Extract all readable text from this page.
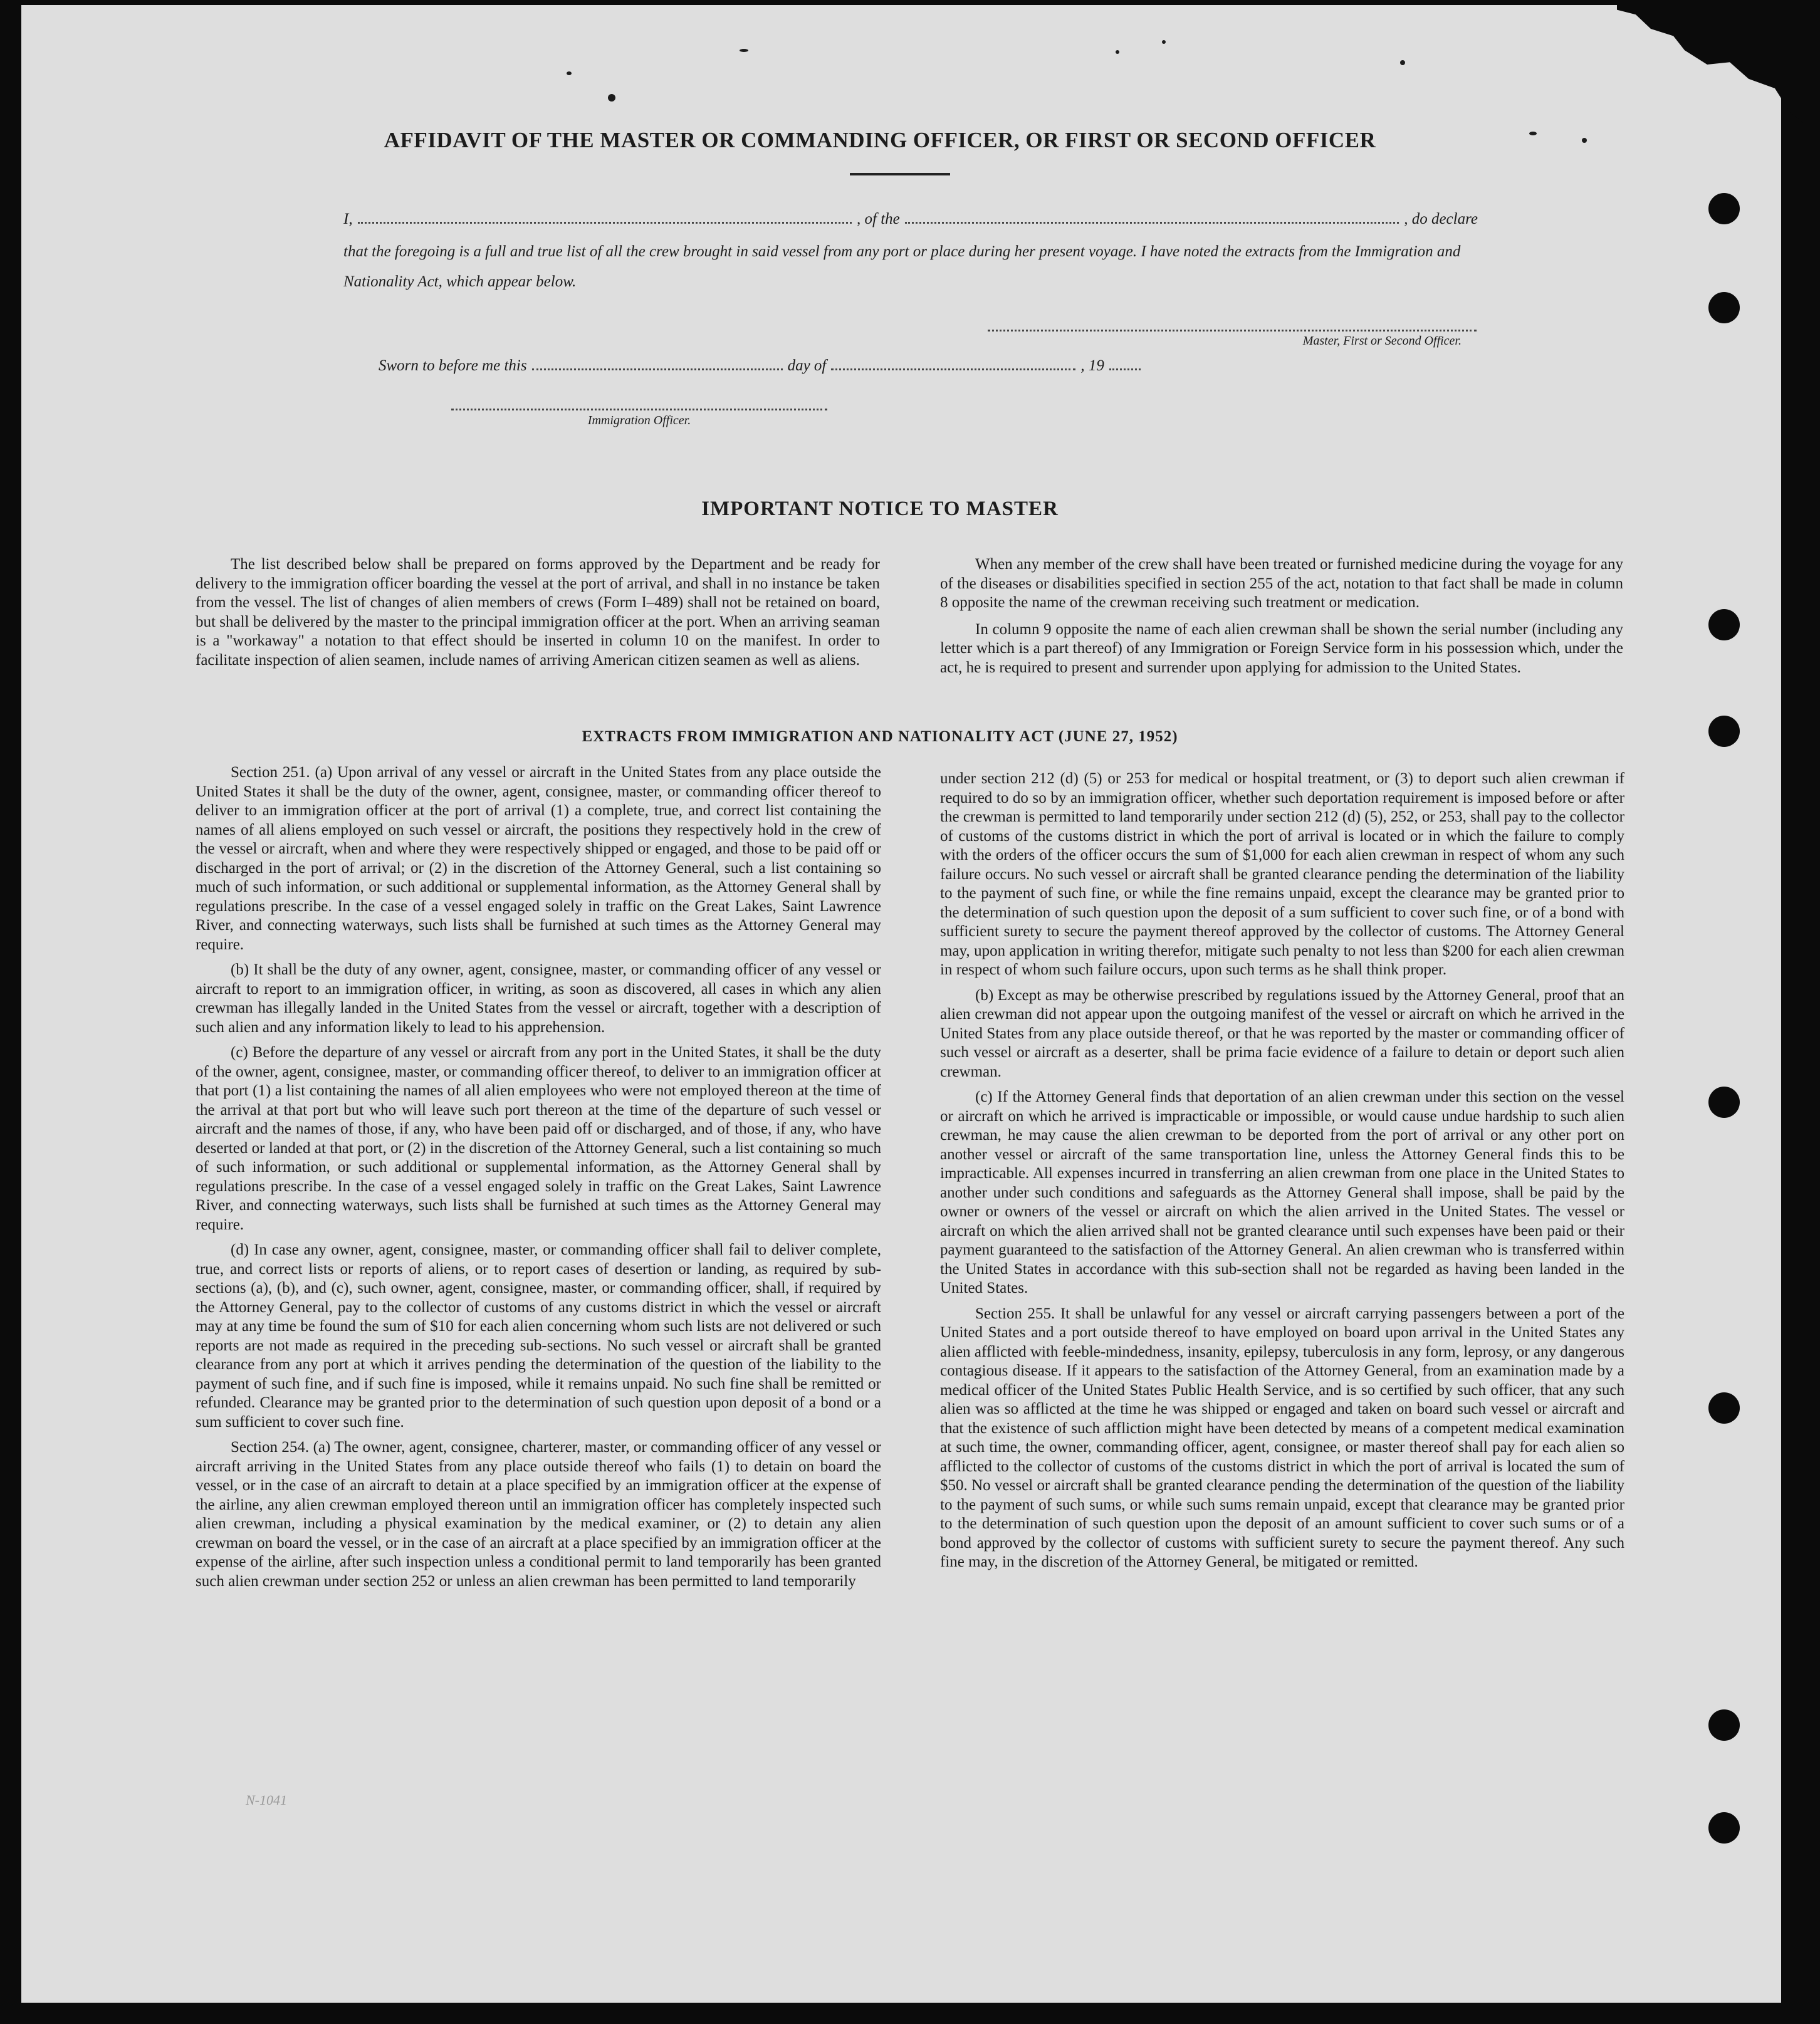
AFFIDAVIT OF THE MASTER OR COMMANDING OFFICER, OR FIRST OR SECOND OFFICER
I,	, of the	, do declare
that the foregoing is a full and true list of all the crew brought in said vessel from any port or place during her present voyage. I have noted the extracts from the Immigration and Nationality Act, which appear below.
Master, First or Second Officer.
Sworn to before me this	day of	, 19
Immigration Officer.
IMPORTANT NOTICE TO MASTER

The list described below shall be prepared on forms approved by the Department and be ready for delivery to the immigration officer boarding the vessel at the port of arrival, and shall in no instance be taken from the vessel. The list of changes of alien members of crews (Form I–489) shall not be retained on board, but shall be delivered by the master to the principal immigration officer at the port. When an arriving seaman is a "workaway" a notation to that effect should be inserted in column 10 on the manifest. In order to facilitate inspection of alien seamen, include names of arriving American citizen seamen as well as aliens.

When any member of the crew shall have been treated or furnished medicine during the voyage for any of the diseases or disabilities specified in section 255 of the act, notation to that fact shall be made in column 8 opposite the name of the crewman receiving such treatment or medication.

In column 9 opposite the name of each alien crewman shall be shown the serial number (including any letter which is a part thereof) of any Immigration or Foreign Service form in his possession which, under the act, he is required to present and surrender upon applying for admission to the United States.

EXTRACTS FROM IMMIGRATION AND NATIONALITY ACT (JUNE 27, 1952)

Section 251. (a) Upon arrival of any vessel or aircraft in the United States from any place outside the United States it shall be the duty of the owner, agent, consignee, master, or commanding officer thereof to deliver to an immigration officer at the port of arrival (1) a complete, true, and correct list containing the names of all aliens employed on such vessel or aircraft, the positions they respectively hold in the crew of the vessel or aircraft, when and where they were respectively shipped or engaged, and those to be paid off or discharged in the port of arrival; or (2) in the discretion of the Attorney General, such a list containing so much of such information, or such additional or supplemental information, as the Attorney General shall by regulations prescribe. In the case of a vessel engaged solely in traffic on the Great Lakes, Saint Lawrence River, and connecting waterways, such lists shall be furnished at such times as the Attorney General may require.

(b) It shall be the duty of any owner, agent, consignee, master, or commanding officer of any vessel or aircraft to report to an immigration officer, in writing, as soon as discovered, all cases in which any alien crewman has illegally landed in the United States from the vessel or aircraft, together with a description of such alien and any information likely to lead to his apprehension.

(c) Before the departure of any vessel or aircraft from any port in the United States, it shall be the duty of the owner, agent, consignee, master, or commanding officer thereof, to deliver to an immigration officer at that port (1) a list containing the names of all alien employees who were not employed thereon at the time of the arrival at that port but who will leave such port thereon at the time of the departure of such vessel or aircraft and the names of those, if any, who have been paid off or discharged, and of those, if any, who have deserted or landed at that port, or (2) in the discretion of the Attorney General, such a list containing so much of such information, or such additional or supplemental information, as the Attorney General shall by regulations prescribe. In the case of a vessel engaged solely in traffic on the Great Lakes, Saint Lawrence River, and connecting waterways, such lists shall be furnished at such times as the Attorney General may require.

(d) In case any owner, agent, consignee, master, or commanding officer shall fail to deliver complete, true, and correct lists or reports of aliens, or to report cases of desertion or landing, as required by sub-sections (a), (b), and (c), such owner, agent, consignee, master, or commanding officer, shall, if required by the Attorney General, pay to the collector of customs of any customs district in which the vessel or aircraft may at any time be found the sum of $10 for each alien concerning whom such lists are not delivered or such reports are not made as required in the preceding sub-sections. No such vessel or aircraft shall be granted clearance from any port at which it arrives pending the determination of the question of the liability to the payment of such fine, and if such fine is imposed, while it remains unpaid. No such fine shall be remitted or refunded. Clearance may be granted prior to the determination of such question upon deposit of a bond or a sum sufficient to cover such fine.

Section 254. (a) The owner, agent, consignee, charterer, master, or commanding officer of any vessel or aircraft arriving in the United States from any place outside thereof who fails (1) to detain on board the vessel, or in the case of an aircraft to detain at a place specified by an immigration officer at the expense of the airline, any alien crewman employed thereon until an immigration officer has completely inspected such alien crewman, including a physical examination by the medical examiner, or (2) to detain any alien crewman on board the vessel, or in the case of an aircraft at a place specified by an immigration officer at the expense of the airline, after such inspection unless a conditional permit to land temporarily has been granted such alien crewman under section 252 or unless an alien crewman has been permitted to land temporarily

under section 212 (d) (5) or 253 for medical or hospital treatment, or (3) to deport such alien crewman if required to do so by an immigration officer, whether such deportation requirement is imposed before or after the crewman is permitted to land temporarily under section 212 (d) (5), 252, or 253, shall pay to the collector of customs of the customs district in which the port of arrival is located or in which the failure to comply with the orders of the officer occurs the sum of $1,000 for each alien crewman in respect of whom any such failure occurs. No such vessel or aircraft shall be granted clearance pending the determination of the liability to the payment of such fine, or while the fine remains unpaid, except the clearance may be granted prior to the determination of such question upon the deposit of a sum sufficient to cover such fine, or of a bond with sufficient surety to secure the payment thereof approved by the collector of customs. The Attorney General may, upon application in writing therefor, mitigate such penalty to not less than $200 for each alien crewman in respect of whom such failure occurs, upon such terms as he shall think proper.

(b) Except as may be otherwise prescribed by regulations issued by the Attorney General, proof that an alien crewman did not appear upon the outgoing manifest of the vessel or aircraft on which he arrived in the United States from any place outside thereof, or that he was reported by the master or commanding officer of such vessel or aircraft as a deserter, shall be prima facie evidence of a failure to detain or deport such alien crewman.

(c) If the Attorney General finds that deportation of an alien crewman under this section on the vessel or aircraft on which he arrived is impracticable or impossible, or would cause undue hardship to such alien crewman, he may cause the alien crewman to be deported from the port of arrival or any other port on another vessel or aircraft of the same transportation line, unless the Attorney General finds this to be impracticable. All expenses incurred in transferring an alien crewman from one place in the United States to another under such conditions and safeguards as the Attorney General shall impose, shall be paid by the owner or owners of the vessel or aircraft on which the alien arrived in the United States. The vessel or aircraft on which the alien arrived shall not be granted clearance until such expenses have been paid or their payment guaranteed to the satisfaction of the Attorney General. An alien crewman who is transferred within the United States in accordance with this sub-section shall not be regarded as having been landed in the United States.

Section 255. It shall be unlawful for any vessel or aircraft carrying passengers between a port of the United States and a port outside thereof to have employed on board upon arrival in the United States any alien afflicted with feeble-mindedness, insanity, epilepsy, tuberculosis in any form, leprosy, or any dangerous contagious disease. If it appears to the satisfaction of the Attorney General, from an examination made by a medical officer of the United States Public Health Service, and is so certified by such officer, that any such alien was so afflicted at the time he was shipped or engaged and taken on board such vessel or aircraft and that the existence of such affliction might have been detected by means of a competent medical examination at such time, the owner, commanding officer, agent, consignee, or master thereof shall pay for each alien so afflicted to the collector of customs of the customs district in which the port of arrival is located the sum of $50. No vessel or aircraft shall be granted clearance pending the determination of the question of the liability to the payment of such sums, or while such sums remain unpaid, except that clearance may be granted prior to the determination of such question upon the deposit of an amount sufficient to cover such sums or of a bond approved by the collector of customs with sufficient surety to secure the payment thereof. Any such fine may, in the discretion of the Attorney General, be mitigated or remitted.

N-1041
